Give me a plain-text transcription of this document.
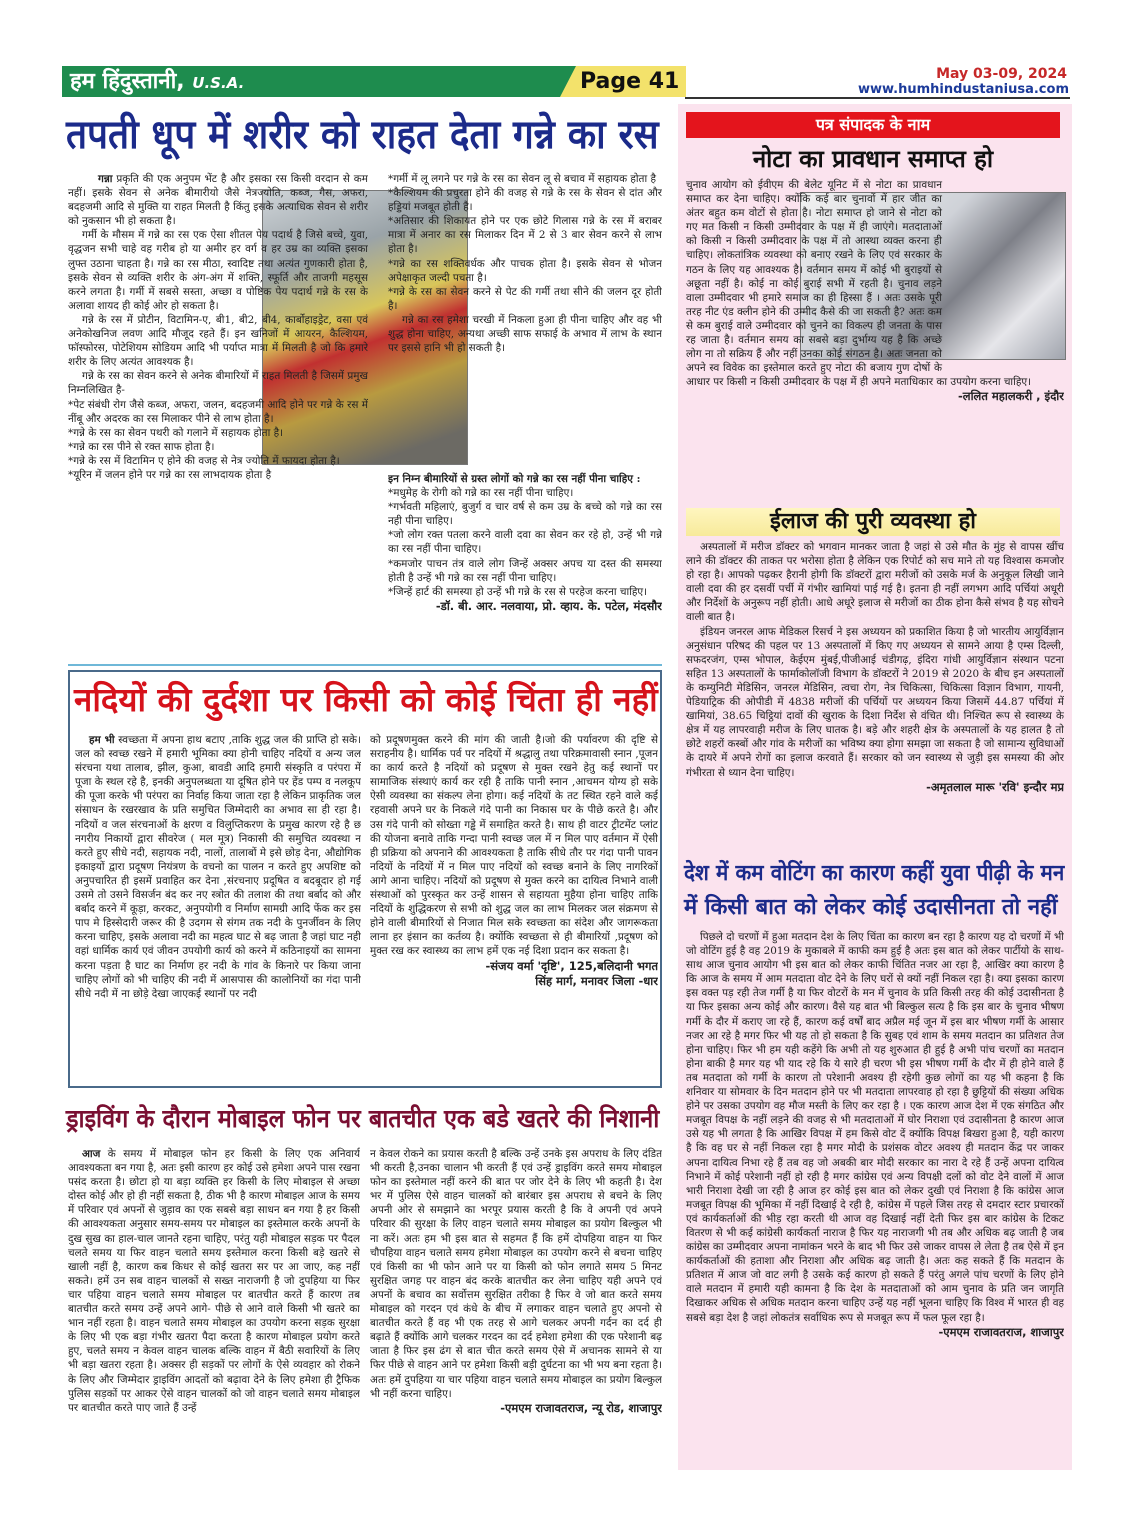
हम हिंदुस्तानी, U.S.A.	Page 41	May 03-09, 2024
www.humhindustaniusa.com
तपती धूप में शरीर को राहत देता गन्ने का रस

गन्ना प्रकृति की एक अनुपम भेंट है और इसका रस किसी वरदान से कम नहीं। इसके सेवन से अनेक बीमारीयो जैसे नेत्रज्योति, कब्ज, गैस, अफरा, बदहजमी आदि से मुक्ति या राहत मिलती है किंतु इसके अत्याधिक सेवन से शरीर को नुकसान भी हो सकता है।

गर्मी के मौसम में गन्ने का रस एक ऐसा शीतल पेय पदार्थ है जिसे बच्चे, युवा, वृद्धजन सभी चाहे वह गरीब हो या अमीर हर वर्ग व हर उम्र का व्यक्ति इसका लुफ्त उठाना चाहता है। गन्ने का रस मीठा, स्वादिष्ट तथा अत्यंत गुणकारी होता है, इसके सेवन से व्यक्ति शरीर के अंग-अंग में शक्ति, स्फूर्ति और ताजगी महसूस करने लगता है। गर्मी में सबसे सस्ता, अच्छा व पोष्टिक पेय पदार्थ गन्ने के रस के अलावा शायद ही कोई ओर हो सकता है।

गन्ने के रस में प्रोटीन, विटामिन-ए, बी1, बी2, बी4, कार्बोहाइड्रेट, वसा एवं अनेकोखनिज लवण आदि मौजूद रहते हैं। इन खनिजों में आयरन, कैल्शियम, फॉस्फोरस, पोटेशियम सोडियम आदि भी पर्याप्त मात्रा में मिलती है जो कि हमारे शरीर के लिए अत्यंत आवश्यक है।

गन्ने के रस का सेवन करने से अनेक बीमारियों में राहत मिलती है जिसमें प्रमुख निम्नलिखित है-

*पेट संबंधी रोग जैसे कब्ज, अफरा, जलन, बदहजमी आदि होने पर गन्ने के रस में नींबू और अदरक का रस मिलाकर पीने से लाभ होता है।

*गन्ने के रस का सेवन पथरी को गलाने में सहायक होता है।

*गन्ने का रस पीने से रक्त साफ होता है।

*गन्ने के रस में विटामिन ए होने की वजह से नेत्र ज्योति में फायदा होता है।

*यूरिन में जलन होने पर गन्ने का रस लाभदायक होता है

*गर्मी में लू लगने पर गन्ने के रस का सेवन लू से बचाव में सहायक होता है

*कैल्शियम की प्रचुरता होने की वजह से गन्ने के रस के सेवन से दांत और हड्डियां मजबूत होती है।

*अतिसार की शिकायत होने पर एक छोटे गिलास गन्ने के रस में बराबर मात्रा में अनार का रस मिलाकर दिन में 2 से 3 बार सेवन करने से लाभ होता है।

*गन्ने का रस शक्तिवर्धक और पाचक होता है। इसके सेवन से भोजन अपेक्षाकृत जल्दी पचता है।

*गन्ने के रस का सेवन करने से पेट की गर्मी तथा सीने की जलन दूर होती है।

गन्ने का रस हमेशा चरखी में निकला हुआ ही पीना चाहिए और वह भी शुद्ध होना चाहिए, अन्यथा अच्छी साफ सफाई के अभाव में लाभ के स्थान पर इससे हानि भी हो सकती है।

इन निम्न बीमारियों से ग्रस्त लोगों को गन्ने का रस नहीं पीना चाहिए :

*मधुमेह के रोगी को गन्ने का रस नहीं पीना चाहिए।

*गर्भवती महिलाएं, बुजुर्ग व चार वर्ष से कम उम्र के बच्चे को गन्ने का रस नही पीना चाहिए।

*जो लोग रक्त पतला करने वाली दवा का सेवन कर रहे हो, उन्हें भी गन्ने का रस नहीं पीना चाहिए।

*कमजोर पाचन तंत्र वाले लोग जिन्हें अक्सर अपच या दस्त की समस्या होती है उन्हें भी गन्ने का रस नहीं पीना चाहिए।

*जिन्हें हार्ट की समस्या हो उन्हें भी गन्ने के रस से परहेज करना चाहिए।

-डॉ. बी. आर. नलवाया, प्रो. व्हाय. के. पटेल, मंदसौर
नदियों की दुर्दशा पर किसी को कोई चिंता ही नहीं

हम भी स्वच्छता में अपना हाथ बटाए ,ताकि शुद्ध जल की प्राप्ति हो सके। जल को स्वच्छ रखने में हमारी भूमिका क्या होनी चाहिए नदियों व अन्य जल संरचना यथा तालाब, झील, कुआ, बावडी आदि हमारी संस्कृति व परंपरा में पूजा के स्थल रहे है, इनकी अनुपलब्धता या दूषित होने पर हेंड पम्प व नलकूप की पूजा करके भी परंपरा का निर्वाह किया जाता रहा है लेकिन प्राकृतिक जल संसाधन के रखरखाव के प्रति समुचित जिम्मेदारी का अभाव सा ही रहा है। नदियों व जल संरचनाओं के क्षरण व विलुप्तिकरण के प्रमुख कारण रहे है छ नगरीय निकायों द्वारा सीवरेज ( मल मूत्र) निकासी की समुचित व्यवस्था न करते हुए सीधे नदी, सहायक नदी, नालों, तालाबों मे इसे छोड़ देना, औद्योगिक इकाइयों द्वारा प्रदूषण नियंत्रण के वचनो का पालन न करते हुए अपशिष्ट को अनुपचारित ही इसमें प्रवाहित कर देना ,संरचनाए प्रदूषित व बदबूदार हो गई उसमे तो उसने विसर्जन बंद कर नए स्त्रोत की तलाश की तथा बर्बाद को और बर्बाद करने में कूड़ा, करकट, अनुपयोगी व निर्माण सामग्री आदि फेंक कर इस पाप मे हिस्सेदारी जरूर की है उदगम से संगम तक नदी के पुनर्जीवन के लिए करना चाहिए, इसके अलावा नदी का महत्व घाट से बढ़ जाता है जहां घाट नही वहां धार्मिक कार्य एवं जीवन उपयोगी कार्य को करने में कठिनाइयों का सामना करना पड़ता है घाट का निर्माण हर नदी के गांव के किनारे पर किया जाना चाहिए लोगों को भी चाहिए की नदी में आसपास की कालोनियों का गंदा पानी सीधे नदी में ना छोड़े देखा जाएकई स्थानों पर नदी

को प्रदूषणमुक्त करने की मांग की जाती है।जो की पर्यावरण की दृष्टि से सराहनीय है। धार्मिक पर्व पर नदियों में श्रद्धालु तथा परिक्रमावासी स्नान ,पूजन का कार्य करते है नदियों को प्रदूषण से मुक्त रखने हेतु कई स्थानों पर सामाजिक संस्थाएं कार्य कर रही है ताकि पानी स्नान ,आचमन योग्य हो सके ऐसी व्यवस्था का संकल्प लेना होगा। कई नदियों के तट स्थित रहने वाले कई रहवासी अपने घर के निकले गंदे पानी का निकास घर के पीछे करते है। और उस गंदे पानी को सोख्ता गड्ढे में समाहित करते है। साथ ही वाटर ट्रीटमेंट प्लांट की योजना बनावे ताकि गन्दा पानी स्वच्छ जल में न मिल पाए वर्तमान में ऐसी ही प्रक्रिया को अपनाने की आवश्यकता है ताकि सीधे तौर पर गंदा पानी पावन नदियों के नदियों में न मिल पाए नदियों को स्वच्छ बनाने के लिए नागरिकों आगे आना चाहिए। नदियों को प्रदूषण से मुक्त करने का दायित्व निभाने वाली संस्थाओं को पुरस्कृत कर उन्हें शासन से सहायता मुहैया होना चाहिए ताकि नदियों के शुद्धिकरण से सभी को शुद्ध जल का लाभ मिलकर जल संक्रमण से होने वाली बीमारियों से निजात मिल सके स्वच्छता का संदेश और जागरूकता लाना हर इंसान का कर्तव्य है। क्योंकि स्वच्छता से ही बीमारियों ,प्रदूषण को मुक्त रख कर स्वास्थ्य का लाभ हमें एक नई दिशा प्रदान कर सकता है।

-संजय वर्मा 'दृष्टि', 125,बलिदानी भगत
सिंह मार्ग, मनावर जिला -धार
ड्राइविंग के दौरान मोबाइल फोन पर बातचीत एक बडे खतरे की निशानी

आज के समय में मोबाइल फोन हर किसी के लिए एक अनिवार्य आवश्यकता बन गया है, अतः इसी कारण हर कोई उसे हमेशा अपने पास रखना पसंद करता है। छोटा हो या बड़ा व्यक्ति हर किसी के लिए मोबाइल से अच्छा दोस्त कोई और हो ही नहीं सकता है, ठीक भी है कारण मोबाइल आज के समय में परिवार एवं अपनों से जुड़ाव का एक सबसे बड़ा साधन बन गया है हर किसी की आवश्यकता अनुसार समय-समय पर मोबाइल का इस्तेमाल करके अपनों के दुख सुख का हाल-चाल जानते रहना चाहिए, परंतु यही मोबाइल सड़क पर पैदल चलते समय या फिर वाहन चलाते समय इस्तेमाल करना किसी बड़े खतरे से खाली नहीं है, कारण कब किधर से कोई खतरा सर पर आ जाए, कह नहीं सकते। हमें उन सब वाहन चालकों से सख्त नाराजगी है जो दुपहिया या फिर चार पहिया वाहन चलाते समय मोबाइल पर बातचीत करते हैं कारण तब बातचीत करते समय उन्हें अपने आगे- पीछे से आने वाले किसी भी खतरे का भान नहीं रहता है। वाहन चलाते समय मोबाइल का उपयोग करना सड़क सुरक्षा के लिए भी एक बड़ा गंभीर खतरा पैदा करता है कारण मोबाइल प्रयोग करते हुए, चलते समय न केवल वाहन चालक बल्कि वाहन में बैठी सवारियों के लिए भी बड़ा खतरा रहता है। अक्सर ही सड़कों पर लोगों के ऐसे व्यवहार को रोकने के लिए और जिम्मेदार ड्राइविंग आदतों को बढ़ावा देने के लिए हमेशा ही ट्रैफिक पुलिस सड़कों पर आकर ऐसे वाहन चालकों को जो वाहन चलाते समय मोबाइल पर बातचीत करते पाए जाते हैं उन्हें

न केवल रोकने का प्रयास करती है बल्कि उन्हें उनके इस अपराध के लिए दंडित भी करती है,उनका चालान भी करती हैं एवं उन्हें ड्राइविंग करते समय मोबाइल फोन का इस्तेमाल नहीं करने की बात पर जोर देने के लिए भी कहती है। देश भर में पुलिस ऐसे वाहन चालकों को बारंबार इस अपराध से बचने के लिए अपनी ओर से समझाने का भरपूर प्रयास करती है कि वे अपनी एवं अपने परिवार की सुरक्षा के लिए वाहन चलाते समय मोबाइल का प्रयोग बिल्कुल भी ना करें। अतः हम भी इस बात से सहमत हैं कि हमें दोपहिया वाहन या फिर चौपहिया वाहन चलाते समय हमेशा मोबाइल का उपयोग करने से बचना चाहिए एवं किसी का भी फोन आने पर या किसी को फोन लगाते समय 5 मिनट सुरक्षित जगह पर वाहन बंद करके बातचीत कर लेना चाहिए यही अपने एवं अपनों के बचाव का सर्वोत्तम सुरक्षित तरीका है फिर वे जो बात करते समय मोबाइल को गरदन एवं कंधे के बीच में लगाकर वाहन चलाते हुए अपनो से बातचीत करते हैं वह भी एक तरह से आगे चलकर अपनी गर्दन का दर्द ही बढ़ाते हैं क्योंकि आगे चलकर गरदन का दर्द हमेशा हमेशा की एक परेशानी बढ़ जाता है फिर इस ढंग से बात चीत करते समय ऐसे में अचानक सामने से या फिर पीछे से वाहन आने पर हमेशा किसी बड़ी दुर्घटना का भी भय बना रहता है। अतः हमें दुपहिया या चार पहिया वाहन चलाते समय मोबाइल का प्रयोग बिल्कुल भी नहीं करना चाहिए।

-एमएम राजावतराज, न्यू रोड, शाजापुर
पत्र संपादक के नाम
नोटा का प्रावधान समाप्त हो

चुनाव आयोग को ईवीएम की बेलेट यूनिट में से नोटा का प्रावधान समाप्त कर देना चाहिए। क्योंकि कई बार चुनावों में हार जीत का अंतर बहुत कम वोटों से होता है। नोटा समाप्त हो जाने से नोटा को गए मत किसी न किसी उम्मीदवार के पक्ष में ही जाएंगे। मतदाताओं को किसी न किसी उम्मीदवार के पक्ष में तो आस्था व्यक्त करना ही चाहिए। लोकतांत्रिक व्यवस्था को बनाए रखने के लिए एवं सरकार के गठन के लिए यह आवश्यक है। वर्तमान समय में कोई भी बुराइयों से अछूता नहीं है। कोई ना कोई बुराई सभी में रहती है। चुनाव लड़ने वाला उम्मीदवार भी हमारे समाज का ही हिस्सा हैं । अतः उसके पूरी तरह नीट एंड क्लीन होने की उम्मीद कैसे की जा सकती है? अतः कम से कम बुराई वाले उम्मीदवार को चुनने का विकल्प ही जनता के पास रह जाता है। वर्तमान समय का सबसे बड़ा दुर्भाग्य यह है कि अच्छे लोग ना तो सक्रिय हैं और नहीं उनका कोई संगठन है। अतः जनता को अपने स्व विवेक का इस्तेमाल करते हुए नोटा की बजाय गुण दोषों के आधार पर किसी न किसी उम्मीदवार के पक्ष में ही अपने मताधिकार का उपयोग करना चाहिए।

-ललित महालकरी , इंदौर
ईलाज की पुरी व्यवस्था हो

अस्पतालों में मरीज डॉक्टर को भगवान मानकर जाता है जहां से उसे मौत के मुंह से वापस खींच लाने की डॉक्टर की ताकत पर भरोसा होता है लेकिन एक रिपोर्ट को सच माने तो यह विश्वास कमजोर हो रहा है। आपको पढ़कर हैरानी होगी कि डॉक्टरों द्वारा मरीजों को उसके मर्ज के अनुकूल लिखी जाने वाली दवा की हर दसवीं पर्ची में गंभीर खामियां पाई गई है। इतना ही नहीं लगभग आदि पर्चियां अधूरी और निर्देशों के अनुरूप नहीं होती। आधे अधूरे इलाज से मरीजों का ठीक होना कैसे संभव है यह सोचने वाली बात है।

इंडियन जनरल आफ मेडिकल रिसर्च ने इस अध्ययन को प्रकाशित किया है जो भारतीय आयुर्विज्ञान अनुसंधान परिषद की पहल पर 13 अस्पतालों में किए गए अध्ययन से सामने आया है एम्स दिल्ली, सफदरजंग, एम्स भोपाल, केईएम मुंबई,पीजीआई चंडीगढ़, इंदिरा गांधी आयुर्विज्ञान संस्थान पटना सहित 13 अस्पतालों के फार्माकोलॉजी विभाग के डॉक्टरों ने 2019 से 2020 के बीच इन अस्पतालों के कम्युनिटी मेडिसिन, जनरल मेडिसिन, त्वचा रोग, नेत्र चिकित्सा, चिकित्सा विज्ञान विभाग, गायनी, पेडियाट्रिक की ओपीडी में 4838 मरीजों की पर्चियों पर अध्ययन किया जिसमें 44.87 पर्चियां में खामियां, 38.65 चिट्ठियां दावों की खुराक के दिशा निर्देश से वंचित थी। निश्चित रूप से स्वास्थ्य के क्षेत्र में यह लापरवाही मरीज के लिए घातक है। बड़े और शहरी क्षेत्र के अस्पतालों के यह हालत है तो छोटे शहरों कस्बों और गांव के मरीजों का भविष्य क्या होगा समझा जा सकता है जो सामान्य सुविधाओं के दायरे में अपने रोगों का इलाज करवाते हैं। सरकार को जन स्वास्थ्य से जुड़ी इस समस्या की ओर गंभीरता से ध्यान देना चाहिए।

-अमृतलाल मारू 'रवि' इन्दौर मप्र
देश में कम वोटिंग का कारण कहीं युवा पीढ़ी के मन
में किसी बात को लेकर कोई उदासीनता तो नहीं

पिछले दो चरणों में हुआ मतदान देश के लिए चिंता का कारण बन रहा है कारण यह दो चरणों में भी जो वोटिंग हुई है वह 2019 के मुकाबले में काफी कम हुई है अतः इस बात को लेकर पार्टीयो के साथ-साथ आज चुनाव आयोग भी इस बात को लेकर काफी चिंतित नजर आ रहा है, आखिर क्या कारण है कि आज के समय में आम मतदाता वोट देने के लिए घरों से क्यों नहीं निकल रहा है। क्या इसका कारण इस वक्त पड़ रही तेज गर्मी है या फिर वोटरों के मन में चुनाव के प्रति किसी तरह की कोई उदासीनता है या फिर इसका अन्य कोई और कारण। वैसे यह बात भी बिल्कुल सत्य है कि इस बार के चुनाव भीषण गर्मी के दौर में कराए जा रहे हैं, कारण कई वर्षों बाद अप्रैल मई जून में इस बार भीषण गर्मी के आसार नजर आ रहे है मगर फिर भी यह तो हो सकता है कि सुबह एवं शाम के समय मतदान का प्रतिशत तेज होना चाहिए। फिर भी हम यही कहेंगे कि अभी तो यह शुरुआत ही हुई है अभी पांच चरणों का मतदान होना बाकी है मगर यह भी याद रहे कि ये सारे ही चरण भी इस भीषण गर्मी के दौर में ही होने वाले हैं तब मतदाता को गर्मी के कारण तो परेशानी अवश्य ही रहेगी कुछ लोगों का यह भी कहना है कि शनिवार या सोमवार के दिन मतदान होने पर भी मतदाता लापरवाह हो रहा है छुट्टियों की संख्या अधिक होने पर उसका उपयोग वह मौज मस्ती के लिए कर रहा है । एक कारण आज देश में एक संगठित और मजबूत विपक्ष के नहीं लड़ने की वजह से भी मतदाताओं में घोर निराशा एवं उदासीनता है कारण आज उसे यह भी लगता है कि आखिर विपक्ष में हम किसे वोट दें क्योंकि विपक्ष बिखरा हुआ है, यही कारण है कि वह घर से नहीं निकल रहा है मगर मोदी के प्रशंसक वोटर अवश्य ही मतदान केंद्र पर जाकर अपना दायित्व निभा रहे हैं तब वह जो अबकी बार मोदी सरकार का नारा दे रहे हैं उन्हें अपना दायित्व निभाने में कोई परेशानी नहीं हो रही है मगर कांग्रेस एवं अन्य विपक्षी दलों को वोट देने वालों में आज भारी निराशा देखी जा रही है आज हर कोई इस बात को लेकर दुखी एवं निराशा है कि कांग्रेस आज मजबूत विपक्ष की भूमिका में नहीं दिखाई दे रही है, कांग्रेस में पहले जिस तरह से दमदार स्टार प्रचारकों एवं कार्यकर्ताओं की भीड़ रहा करती थी आज वह दिखाई नहीं देती फिर इस बार कांग्रेस के टिकट वितरण से भी कई कांग्रेसी कार्यकर्ता नाराज है फिर यह नाराजगी भी तब और अधिक बढ़ जाती है जब कांग्रेस का उम्मीदवार अपना नामांकन भरने के बाद भी फिर उसे जाकर वापस ले लेता है तब ऐसे में इन कार्यकर्ताओं की हताशा और निराशा और अधिक बढ़ जाती है। अतः कह सकते हैं कि मतदान के प्रतिशत में आज जो वाट लगी है उसके कई कारण हो सकते हैं परंतु अगले पांच चरणों के लिए होने वाले मतदान में हमारी यही कामना है कि देश के मतदाताओं को आम चुनाव के प्रति जन जागृति दिखाकर अधिक से अधिक मतदान करना चाहिए उन्हें यह नहीं भूलना चाहिए कि विश्व में भारत ही वह सबसे बड़ा देश है जहां लोकतंत्र सर्वाधिक रूप से मजबूत रूप में फल फूल रहा है।

-एमएम राजावतराज, शाजापुर
